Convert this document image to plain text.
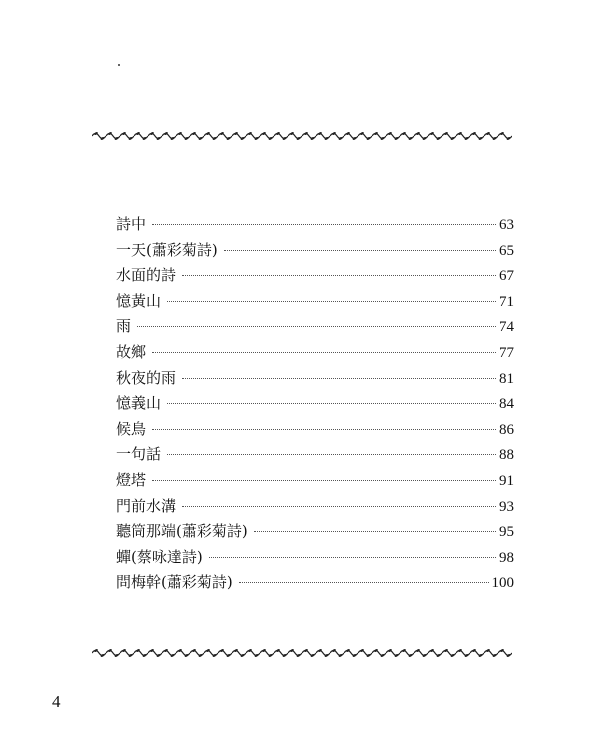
詩中	63
一天(蕭彩菊詩)	65
水面的詩	67
憶黃山	71
雨	74
故鄉	77
秋夜的雨	81
憶義山	84
候鳥	86
一句話	88
燈塔	91
門前水溝	93
聽筒那端(蕭彩菊詩)	95
蟬(蔡咏達詩)	98
問梅幹(蕭彩菊詩)	100
4
